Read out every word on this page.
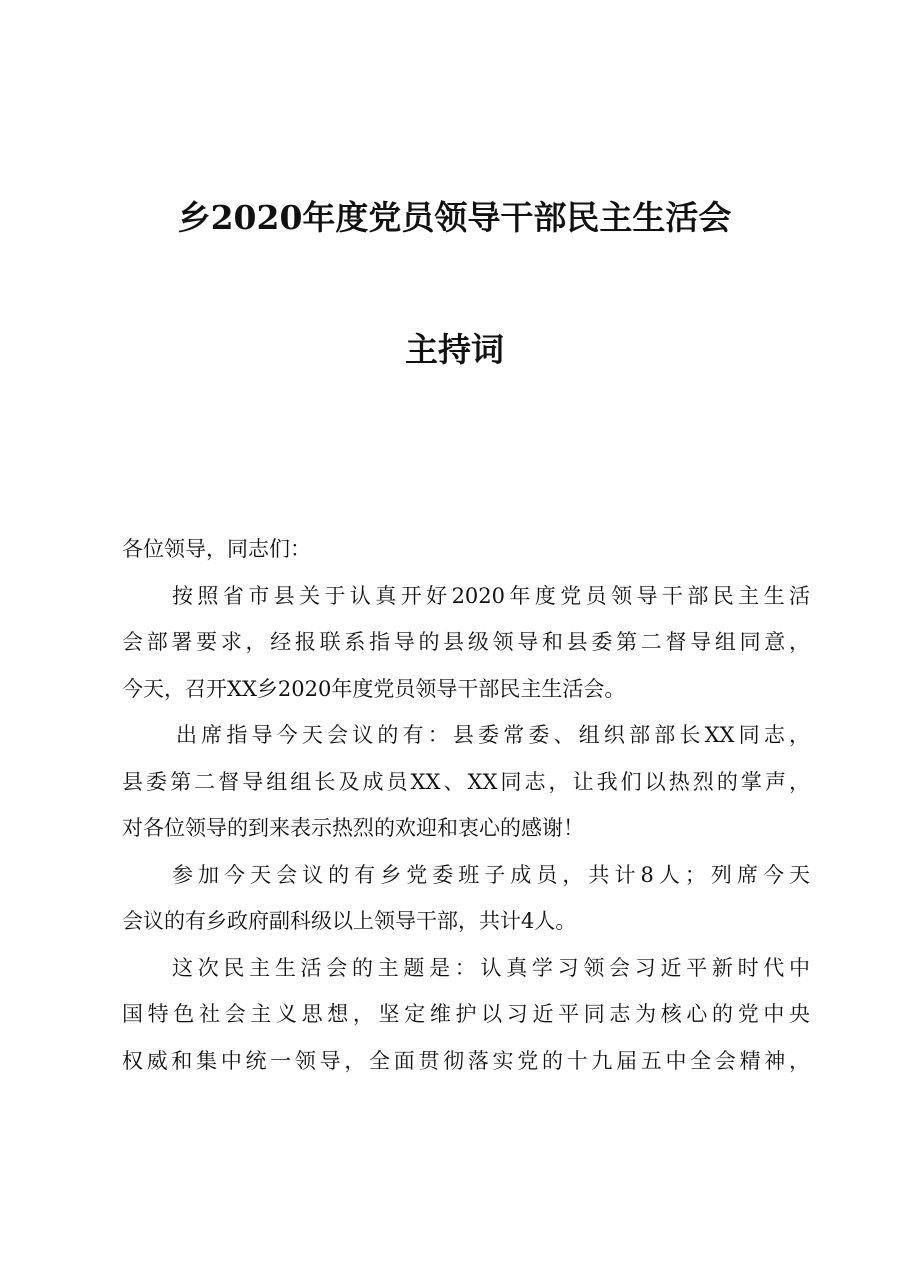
乡2020年度党员领导干部民主生活会
主持词
各位领导，同志们：
按照省市县关于认真开好2020年度党员领导干部民主生活
会部署要求，经报联系指导的县级领导和县委第二督导组同意，
今天，召开XX乡2020年度党员领导干部民主生活会。
出席指导今天会议的有：县委常委、组织部部长XX同志，
县委第二督导组组长及成员XX、XX同志，让我们以热烈的掌声，
对各位领导的到来表示热烈的欢迎和衷心的感谢！
参加今天会议的有乡党委班子成员，共计8人；列席今天
会议的有乡政府副科级以上领导干部，共计4人。
这次民主生活会的主题是：认真学习领会习近平新时代中
国特色社会主义思想，坚定维护以习近平同志为核心的党中央
权威和集中统一领导，全面贯彻落实党的十九届五中全会精神，
